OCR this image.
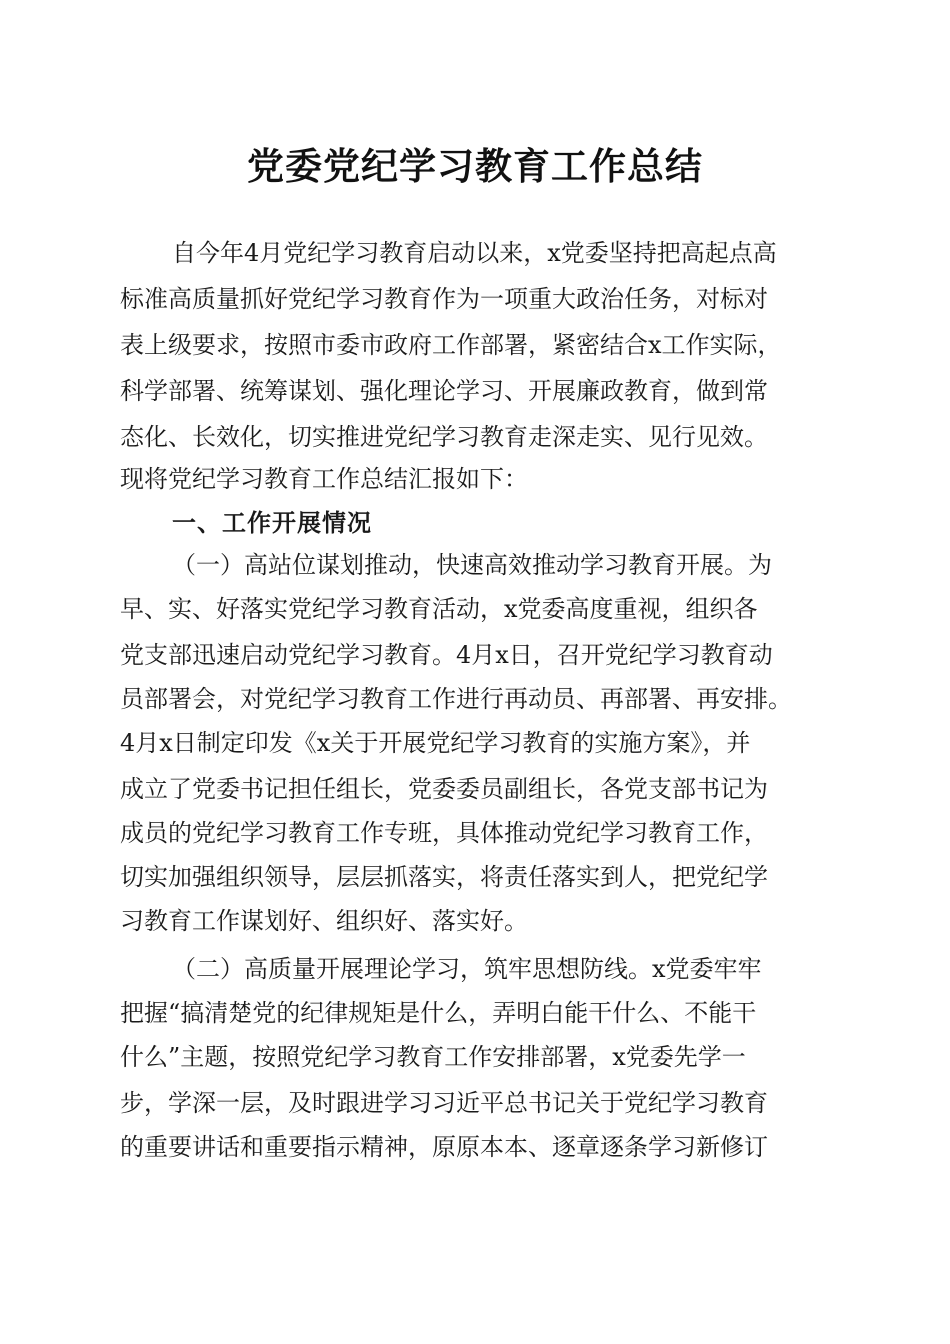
党委党纪学习教育工作总结
自今年4月党纪学习教育启动以来，x党委坚持把高起点高
标准高质量抓好党纪学习教育作为一项重大政治任务，对标对
表上级要求，按照市委市政府工作部署，紧密结合x工作实际，
科学部署、统筹谋划、强化理论学习、开展廉政教育，做到常
态化、长效化，切实推进党纪学习教育走深走实、见行见效。
现将党纪学习教育工作总结汇报如下：
一、工作开展情况
（一）高站位谋划推动，快速高效推动学习教育开展。为
早、实、好落实党纪学习教育活动，x党委高度重视，组织各
党支部迅速启动党纪学习教育。4月x日，召开党纪学习教育动
员部署会，对党纪学习教育工作进行再动员、再部署、再安排。
4月x日制定印发《x关于开展党纪学习教育的实施方案》，并
成立了党委书记担任组长，党委委员副组长，各党支部书记为
成员的党纪学习教育工作专班，具体推动党纪学习教育工作，
切实加强组织领导，层层抓落实，将责任落实到人，把党纪学
习教育工作谋划好、组织好、落实好。
（二）高质量开展理论学习，筑牢思想防线。x党委牢牢
把握“搞清楚党的纪律规矩是什么，弄明白能干什么、不能干
什么”主题，按照党纪学习教育工作安排部署，x党委先学一
步，学深一层，及时跟进学习习近平总书记关于党纪学习教育
的重要讲话和重要指示精神，原原本本、逐章逐条学习新修订
